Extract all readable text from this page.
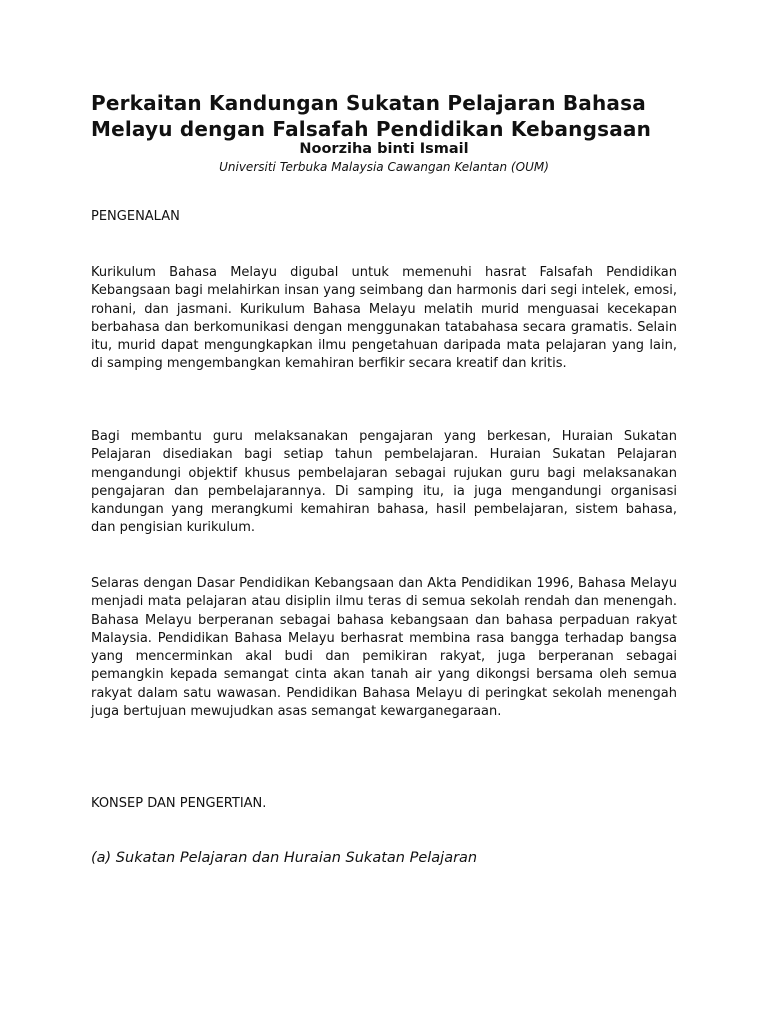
Perkaitan Kandungan Sukatan Pelajaran Bahasa
Melayu dengan Falsafah Pendidikan Kebangsaan

Noorziha binti Ismail

Universiti Terbuka Malaysia Cawangan Kelantan (OUM)

PENGENALAN

Kurikulum Bahasa Melayu digubal untuk memenuhi hasrat Falsafah Pendidikan Kebangsaan bagi melahirkan insan yang seimbang dan harmonis dari segi intelek, emosi, rohani, dan jasmani. Kurikulum Bahasa Melayu melatih murid menguasai kecekapan berbahasa dan berkomunikasi dengan menggunakan tatabahasa secara gramatis. Selain itu, murid dapat mengungkapkan ilmu pengetahuan daripada mata pelajaran yang lain, di samping mengembangkan kemahiran berfikir secara kreatif dan kritis.

Bagi membantu guru melaksanakan pengajaran yang berkesan, Huraian Sukatan Pelajaran disediakan bagi setiap tahun pembelajaran. Huraian Sukatan Pelajaran mengandungi objektif khusus pembelajaran sebagai rujukan guru bagi melaksanakan pengajaran dan pembelajarannya. Di samping itu, ia juga mengandungi organisasi kandungan yang merangkumi kemahiran bahasa, hasil pembelajaran, sistem bahasa, dan pengisian kurikulum.

Selaras dengan Dasar Pendidikan Kebangsaan dan Akta Pendidikan 1996, Bahasa Melayu menjadi mata pelajaran atau disiplin ilmu teras di semua sekolah rendah dan menengah. Bahasa Melayu berperanan sebagai bahasa kebangsaan dan bahasa perpaduan rakyat Malaysia. Pendidikan Bahasa Melayu berhasrat membina rasa bangga terhadap bangsa yang mencerminkan akal budi dan pemikiran rakyat, juga berperanan sebagai pemangkin kepada semangat cinta akan tanah air yang dikongsi bersama oleh semua rakyat dalam satu wawasan. Pendidikan Bahasa Melayu di peringkat sekolah menengah juga bertujuan mewujudkan asas semangat kewarganegaraan.

KONSEP DAN PENGERTIAN.

(a) Sukatan Pelajaran dan Huraian Sukatan Pelajaran
